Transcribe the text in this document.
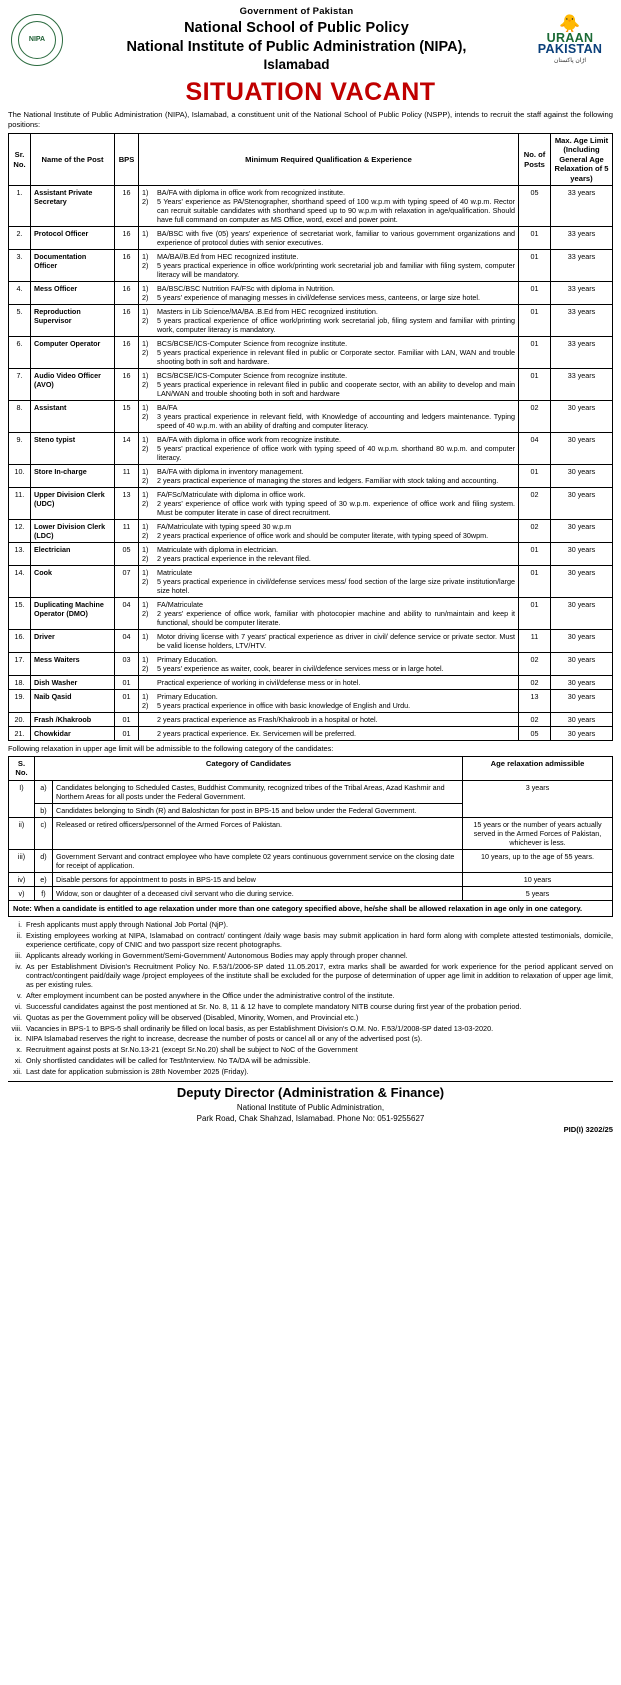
NIPA
Government of Pakistan
National School of Public Policy
National Institute of Public Administration (NIPA),
Islamabad
🐥
URAAN
PAKISTAN
اڑان پاکستان
SITUATION VACANT
The National Institute of Public Administration (NIPA), Islamabad, a constituent unit of the National School of Public Policy (NSPP), intends to recruit the staff against the following positions:
Sr. No.	Name of the Post	BPS	Minimum Required Qualification & Experience	No. of Posts	Max. Age Limit (Including General Age Relaxation of 5 years)
1.	Assistant Private Secretary	16	1) BA/FA with diploma in office work from recognized institute.
2) 5 Years' experience as PA/Stenographer, shorthand speed of 100 w.p.m with typing speed of 40 w.p.m. Rector can recruit suitable candidates with shorthand speed up to 90 w.p.m with relaxation in age/qualification. Should have full command on computer as MS Office, word, excel and power point.	05	33 years
2.	Protocol Officer	16	1) BA/BSC with five (05) years' experience of secretariat work, familiar to various government organizations and experience of protocol duties with senior executives.	01	33 years
3.	Documentation Officer	16	1) MA/BA//B.Ed from HEC recognized institute.
2) 5 years practical experience in office work/printing work secretarial job and familiar with filing system, computer literacy will be mandatory.	01	33 years
4.	Mess Officer	16	1) BA/BSC/BSC Nutrition FA/FSc with diploma in Nutrition.
2) 5 years' experience of managing messes in civil/defense services mess, canteens, or large size hotel.	01	33 years
5.	Reproduction Supervisor	16	1) Masters in Lib Science/MA/BA .B.Ed from HEC recognized institution.
2) 5 years practical experience of office work/printing work secretarial job, filing system and familiar with printing work, computer literacy is mandatory.	01	33 years
6.	Computer Operator	16	1) BCS/BCSE/ICS-Computer Science from recognize institute.
2) 5 years practical experience in relevant filed in public or Corporate sector. Familiar with LAN, WAN and trouble shooting both in soft and hardware.	01	33 years
7.	Audio Video Officer (AVO)	16	1) BCS/BCSE/ICS-Computer Science from recognize institute.
2) 5 years practical experience in relevant filed in public and cooperate sector, with an ability to develop and main LAN/WAN and trouble shooting both in soft and hardware	01	33 years
8.	Assistant	15	1) BA/FA
2) 3 years practical experience in relevant field, with Knowledge of accounting and ledgers maintenance. Typing speed of 40 w.p.m. with an ability of drafting and computer literacy.	02	30 years
9.	Steno typist	14	1) BA/FA with diploma in office work from recognize institute.
2) 5 years' practical experience of office work with typing speed of 40 w.p.m. shorthand 80 w.p.m. and computer literacy.	04	30 years
10.	Store In-charge	11	1) BA/FA with diploma in inventory management.
2) 2 years practical experience of managing the stores and ledgers. Familiar with stock taking and accounting.	01	30 years
11.	Upper Division Clerk (UDC)	13	1) FA/FSc/Matriculate with diploma in office work.
2) 2 years' experience of office work with typing speed of 30 w.p.m. experience of office work and filing system. Must be computer literate in case of direct recruitment.	02	30 years
12.	Lower Division Clerk (LDC)	11	1) FA/Matriculate with typing speed 30 w.p.m
2) 2 years practical experience of office work and should be computer literate, with typing speed of 30wpm.	02	30 years
13.	Electrician	05	1) Matriculate with diploma in electrician.
2) 2 years practical experience in the relevant filed.	01	30 years
14.	Cook	07	1) Matriculate
2) 5 years practical experience in civil/defense services mess/ food section of the large size private institution/large size hotel.	01	30 years
15.	Duplicating Machine Operator (DMO)	04	1) FA/Matriculate
2) 2 years' experience of office work, familiar with photocopier machine and ability to run/maintain and keep it functional, should be computer literate.	01	30 years
16.	Driver	04	1) Motor driving license with 7 years' practical experience as driver in civil/ defence service or private sector. Must be valid license holders, LTV/HTV.	11	30 years
17.	Mess Waiters	03	1) Primary Education.
2) 5 years' experience as waiter, cook, bearer in civil/defence services mess or in large hotel.	02	30 years
18.	Dish Washer	01	Practical experience of working in civil/defense mess or in hotel.	02	30 years
19.	Naib Qasid	01	1) Primary Education.
2) 5 years practical experience in office with basic knowledge of English and Urdu.	13	30 years
20.	Frash /Khakroob	01	2 years practical experience as Frash/Khakroob in a hospital or hotel.	02	30 years
21.	Chowkidar	01	2 years practical experience. Ex. Servicemen will be preferred.	05	30 years
Following relaxation in upper age limit will be admissible to the following category of the candidates:
S. No.	Category of Candidates		Age relaxation admissible
I)	a)	Candidates belonging to Scheduled Castes, Buddhist Community, recognized tribes of the Tribal Areas, Azad Kashmir and Northern Areas for all posts under the Federal Government.	3 years
	b)	Candidates belonging to Sindh (R) and Baloshictan for post in BPS-15 and below under the Federal Government.	
ii)	c)	Released or retired officers/personnel of the Armed Forces of Pakistan.	15 years or the number of years actually served in the Armed Forces of Pakistan, whichever is less.
iii)	d)	Government Servant and contract employee who have complete 02 years continuous government service on the closing date for receipt of application.	10 years, up to the age of 55 years.
iv)	e)	Disable persons for appointment to posts in BPS-15 and below	10 years
v)	f)	Widow, son or daughter of a deceased civil servant who die during service.	5 years
Note: When a candidate is entitled to age relaxation under more than one category specified above, he/she shall be allowed relaxation in age only in one category.
i. Fresh applicants must apply through National Job Portal (NjP).
ii. Existing employees working at NIPA, Islamabad on contract/ contingent /daily wage basis may submit application in hard form along with complete attested testimonials, domicile, experience certificate, copy of CNIC and two passport size recent photographs.
iii. Applicants already working in Government/Semi-Government/ Autonomous Bodies may apply through proper channel.
iv. As per Establishment Division's Recruitment Policy No. F.53/1/2006-SP dated 11.05.2017, extra marks shall be awarded for work experience for the period applicant served on contract/contingent paid/daily wage /project employees of the institute shall be excluded for the purpose of determination of upper age limit in addition to relaxation of upper age limit, as per existing rules.
v. After employment incumbent can be posted anywhere in the Office under the administrative control of the institute.
vi. Successful candidates against the post mentioned at Sr. No. 8, 11 & 12 have to complete mandatory NITB course during first year of the probation period.
vii. Quotas as per the Government policy will be observed (Disabled, Minority, Women, and Provincial etc.)
viii. Vacancies in BPS-1 to BPS-5 shall ordinarily be filled on local basis, as per Establishment Division's O.M. No. F.53/1/2008-SP dated 13-03-2020.
ix. NIPA Islamabad reserves the right to increase, decrease the number of posts or cancel all or any of the advertised post (s).
x. Recruitment against posts at Sr.No.13-21 (except Sr.No.20) shall be subject to NoC of the Government
xi. Only shortlisted candidates will be called for Test/Interview. No TA/DA will be admissible.
xii. Last date for application submission is 28th November 2025 (Friday).
Deputy Director (Administration & Finance)
National Institute of Public Administration,
Park Road, Chak Shahzad, Islamabad. Phone No: 051-9255627
PID(I) 3202/25
